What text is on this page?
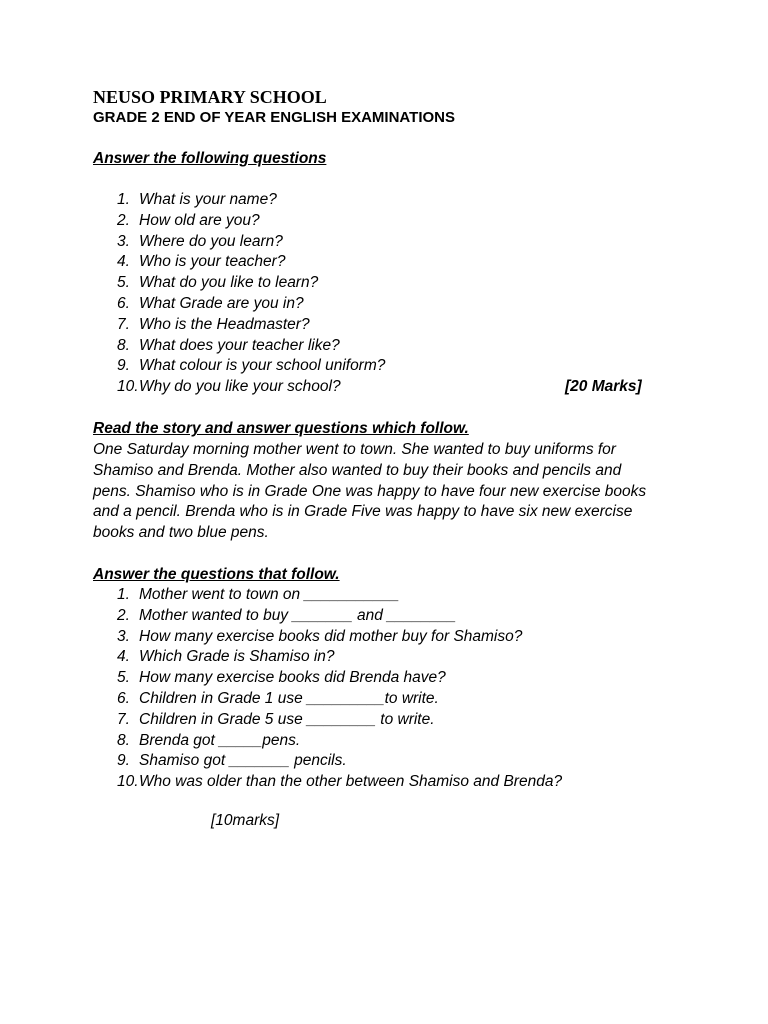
NEUSO PRIMARY SCHOOL
GRADE 2 END OF YEAR ENGLISH EXAMINATIONS
Answer the following questions
1. What is your name?
2. How old are you?
3. Where do you learn?
4. Who is your teacher?
5. What do you like to learn?
6. What Grade are you in?
7. Who is the Headmaster?
8. What does your teacher like?
9. What colour is your school uniform?
10. Why do you like your school?	[20 Marks]
Read the story and answer questions which follow.
One Saturday morning mother went to town. She wanted to buy uniforms for
Shamiso and Brenda. Mother also wanted to buy their books and pencils and
pens. Shamiso who is in Grade One was happy to have four new exercise books
and a pencil. Brenda who is in Grade Five was happy to have six new exercise
books and two blue pens.
Answer the questions that follow.
1. Mother went to town on ___________
2. Mother wanted to buy _______ and ________
3. How many exercise books did mother buy for Shamiso?
4. Which Grade is Shamiso in?
5. How many exercise books did Brenda have?
6. Children in Grade 1 use _________to write.
7. Children in Grade 5 use ________ to write.
8. Brenda got _____pens.
9. Shamiso got _______ pencils.
10. Who was older than the other between Shamiso and Brenda?
[10marks]
